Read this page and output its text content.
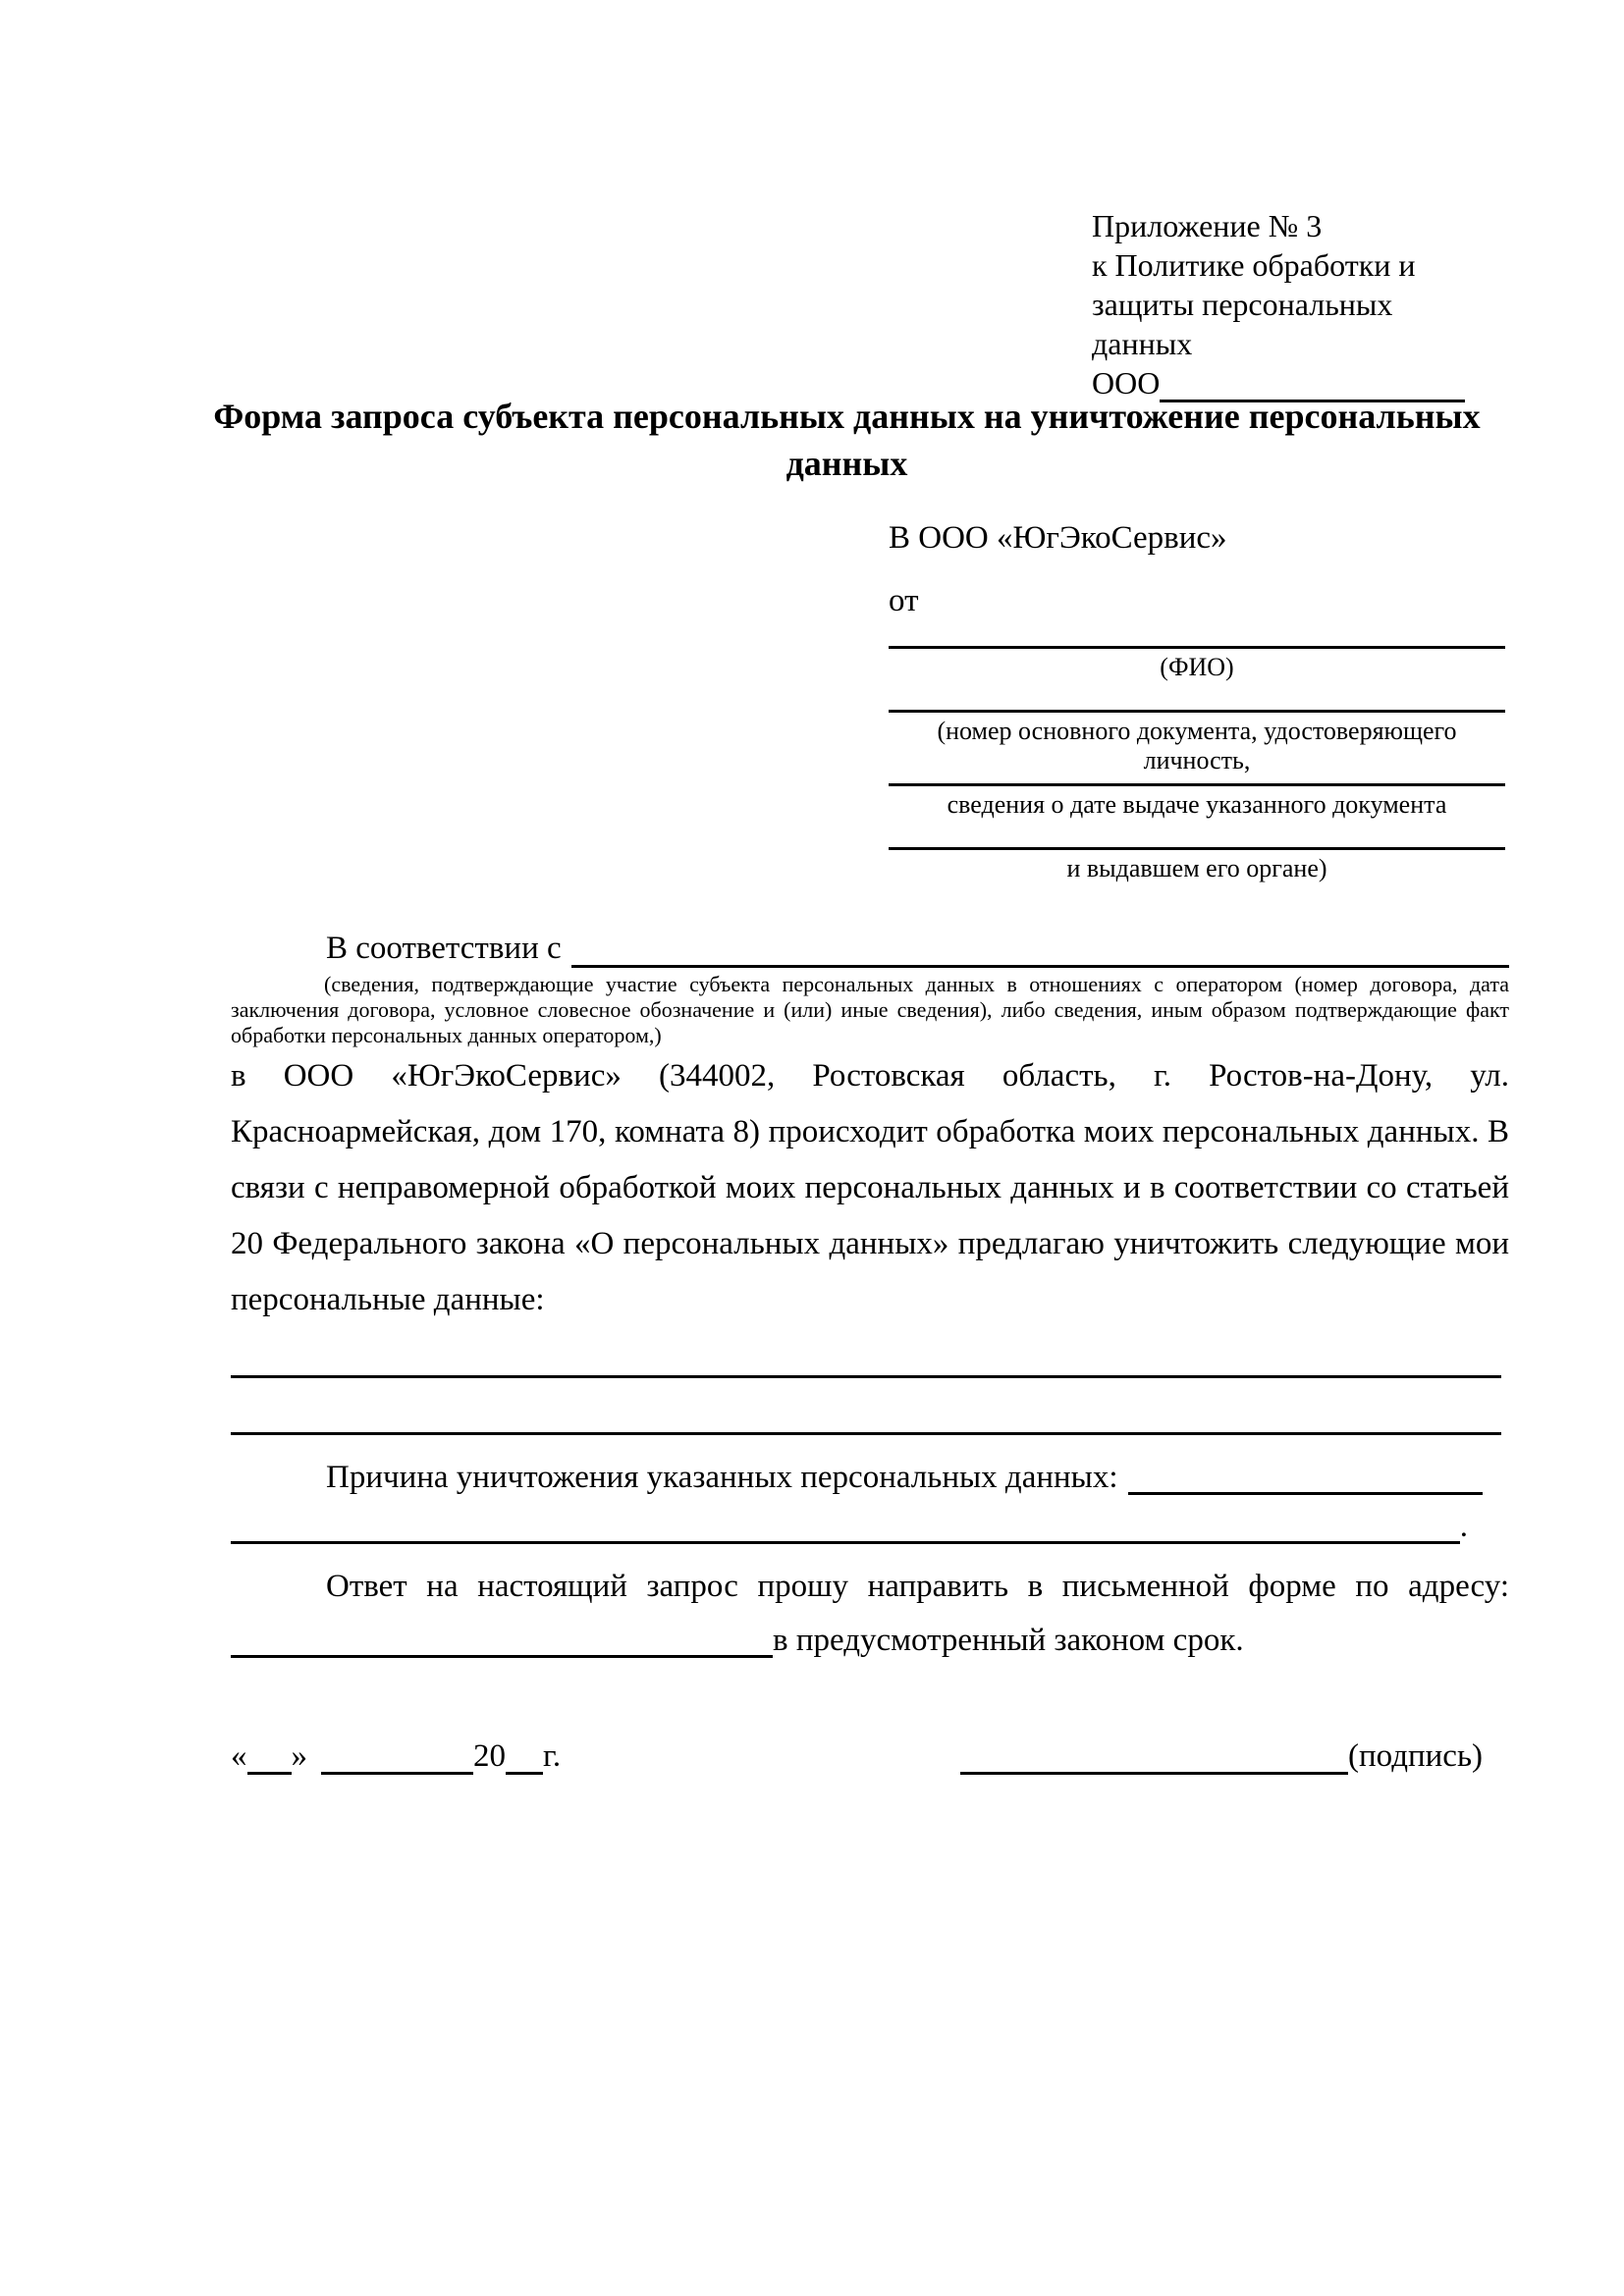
Приложение № 3
к Политике обработки и
защиты персональных данных
ООО
Форма запроса субъекта персональных данных на уничтожение персональных данных
В ООО «ЮгЭкоСервис»
от
(ФИО)
(номер основного документа, удостоверяющего личность,
сведения о дате выдаче указанного документа
и выдавшем его органе)
В соответствии с
(сведения, подтверждающие участие субъекта персональных данных в отношениях с оператором (номер договора, дата заключения договора, условное словесное обозначение и (или) иные сведения), либо сведения, иным образом подтверждающие факт обработки персональных данных оператором,)
в ООО «ЮгЭкоСервис» (344002, Ростовская область, г. Ростов-на-Дону, ул. Красноармейская, дом 170, комната 8) происходит обработка моих персональных данных. В связи с неправомерной обработкой моих персональных данных и в соответствии со статьей 20 Федерального закона «О персональных данных» предлагаю уничтожить следующие мои персональные данные:
Причина уничтожения указанных персональных данных:
.
Ответ на настоящий запрос прошу направить в письменной форме по адресу:
в предусмотренный законом срок.
« »	20 г.	(подпись)
